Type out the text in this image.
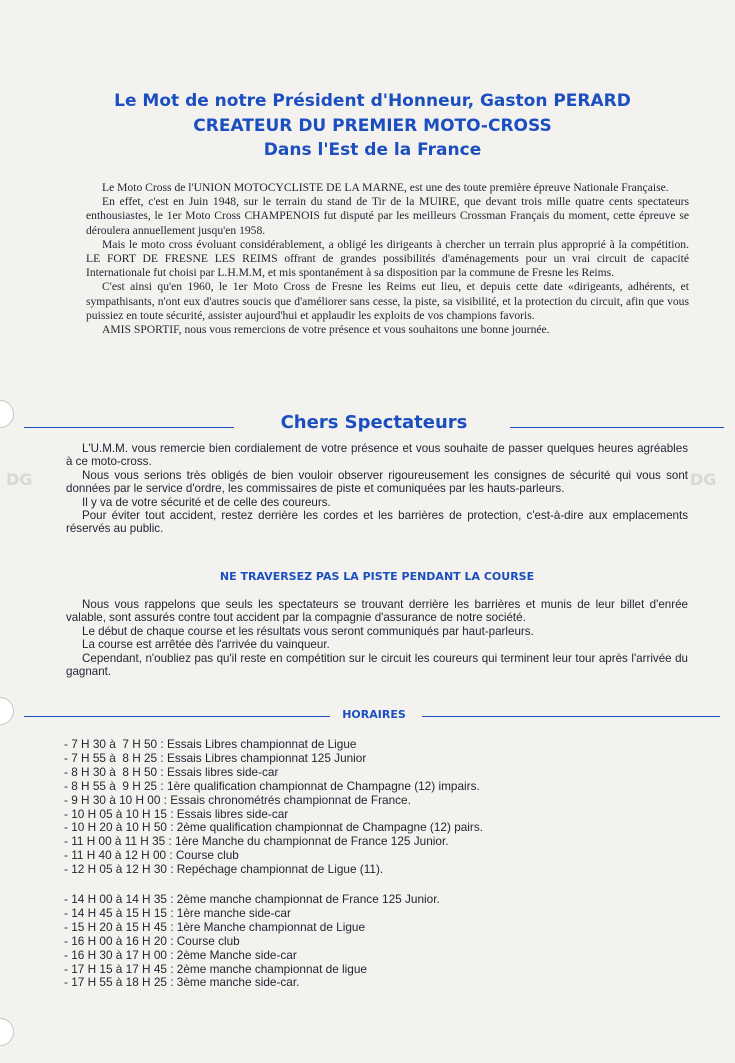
DG	DG
Le Mot de notre Président d'Honneur, Gaston PERARD
CREATEUR DU PREMIER MOTO-CROSS
Dans l'Est de la France

Le Moto Cross de l'UNION MOTOCYCLISTE DE LA MARNE, est une des toute première épreuve Nationale Française.

En effet, c'est en Juin 1948, sur le terrain du stand de Tir de la MUIRE, que devant trois mille quatre cents spectateurs enthousiastes, le 1er Moto Cross CHAMPENOIS fut disputé par les meilleurs Crossman Français du moment, cette épreuve se déroulera annuellement jusqu'en 1958.

Mais le moto cross évoluant considérablement, a obligé les dirigeants à chercher un terrain plus approprié à la compétition. LE FORT DE FRESNE LES REIMS offrant de grandes possibilités d'aménagements pour un vrai circuit de capacité Internationale fut choisi par L.H.M.M, et mis spontanément à sa disposition par la commune de Fresne les Reims.

C'est ainsi qu'en 1960, le 1er Moto Cross de Fresne les Reims eut lieu, et depuis cette date «dirigeants, adhérents, et sympathisants, n'ont eux d'autres soucis que d'améliorer sans cesse, la piste, sa visibilité, et la protection du circuit, afin que vous puissiez en toute sécurité, assister aujourd'hui et applaudir les exploits de vos champions favoris.

AMIS SPORTIF, nous vous remercions de votre présence et vous souhaitons une bonne journée.

Chers Spectateurs

L'U.M.M. vous remercie bien cordialement de votre présence et vous souhaite de passer quelques heures agréables à ce moto-cross.

Nous vous serions très obligés de bien vouloir observer rigoureusement les consignes de sécurité qui vous sont données par le service d'ordre, les commissaires de piste et comuniquées par les hauts-parleurs.

Il y va de votre sécurité et de celle des coureurs.

Pour éviter tout accident, restez derrière les cordes et les barrières de protection, c'est-à-dire aux emplacements réservés au public.

NE TRAVERSEZ PAS LA PISTE PENDANT LA COURSE

Nous vous rappelons que seuls les spectateurs se trouvant derrière les barrières et munis de leur billet d'enrée valable, sont assurés contre tout accident par la compagnie d'assurance de notre société.

Le début de chaque course et les résultats vous seront communiqués par haut-parleurs.

La course est arrêtée dès l'arrivée du vainqueur.

Cependant, n'oubliez pas qu'il reste en compétition sur le circuit les coureurs qui terminent leur tour après l'arrivée du gagnant.

HORAIRES
- 7 H 30 à  7 H 50 : Essais Libres championnat de Ligue
- 7 H 55 à  8 H 25 : Essais Libres championnat 125 Junior
- 8 H 30 à  8 H 50 : Essais libres side-car
- 8 H 55 à  9 H 25 : 1ère qualification championnat de Champagne (12) impairs.
- 9 H 30 à 10 H 00 : Essais chronométrés championnat de France.
- 10 H 05 à 10 H 15 : Essais libres side-car
- 10 H 20 à 10 H 50 : 2ème qualification championnat de Champagne (12) pairs.
- 11 H 00 à 11 H 35 : 1ère Manche du championnat de France 125 Junior.
- 11 H 40 à 12 H 00 : Course club
- 12 H 05 à 12 H 30 : Repéchage championnat de Ligue (11).
- 14 H 00 à 14 H 35 : 2ème manche championnat de France 125 Junior.
- 14 H 45 à 15 H 15 : 1ère manche side-car
- 15 H 20 à 15 H 45 : 1ère Manche championnat de Ligue
- 16 H 00 à 16 H 20 : Course club
- 16 H 30 à 17 H 00 : 2ème Manche side-car
- 17 H 15 à 17 H 45 : 2ème manche championnat de ligue
- 17 H 55 à 18 H 25 : 3ème manche side-car.
